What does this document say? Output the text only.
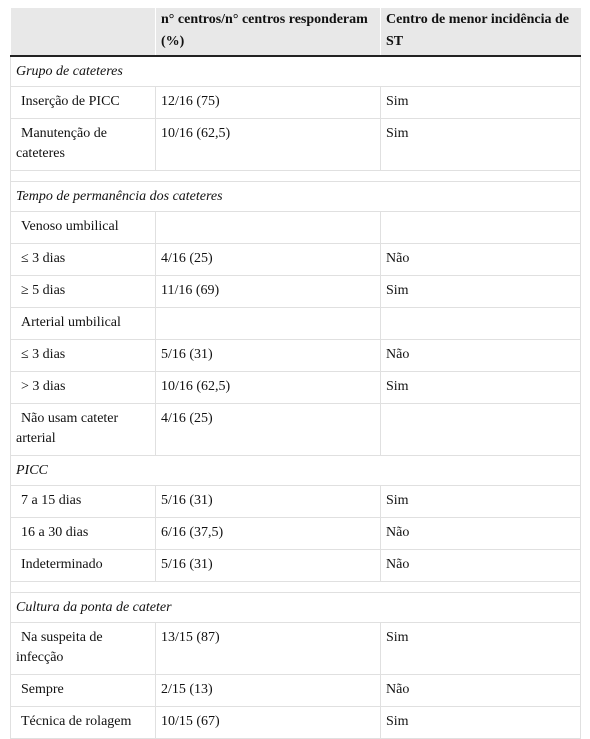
	n° centros/n° centros responderam (%)	Centro de menor incidência de ST
Grupo de cateteres		
Inserção de PICC	12/16 (75)	Sim
Manutenção de cateteres	10/16 (62,5)	Sim

Tempo de permanência dos cateteres		
Venoso umbilical		
≤ 3 dias	4/16 (25)	Não
≥ 5 dias	11/16 (69)	Sim
Arterial umbilical		
≤ 3 dias	5/16 (31)	Não
> 3 dias	10/16 (62,5)	Sim
Não usam cateter arterial	4/16 (25)	
PICC		
7 a 15 dias	5/16 (31)	Sim
16 a 30 dias	6/16 (37,5)	Não
Indeterminado	5/16 (31)	Não

Cultura da ponta de cateter		
Na suspeita de infecção	13/15 (87)	Sim
Sempre	2/15 (13)	Não
Técnica de rolagem	10/15 (67)	Sim
